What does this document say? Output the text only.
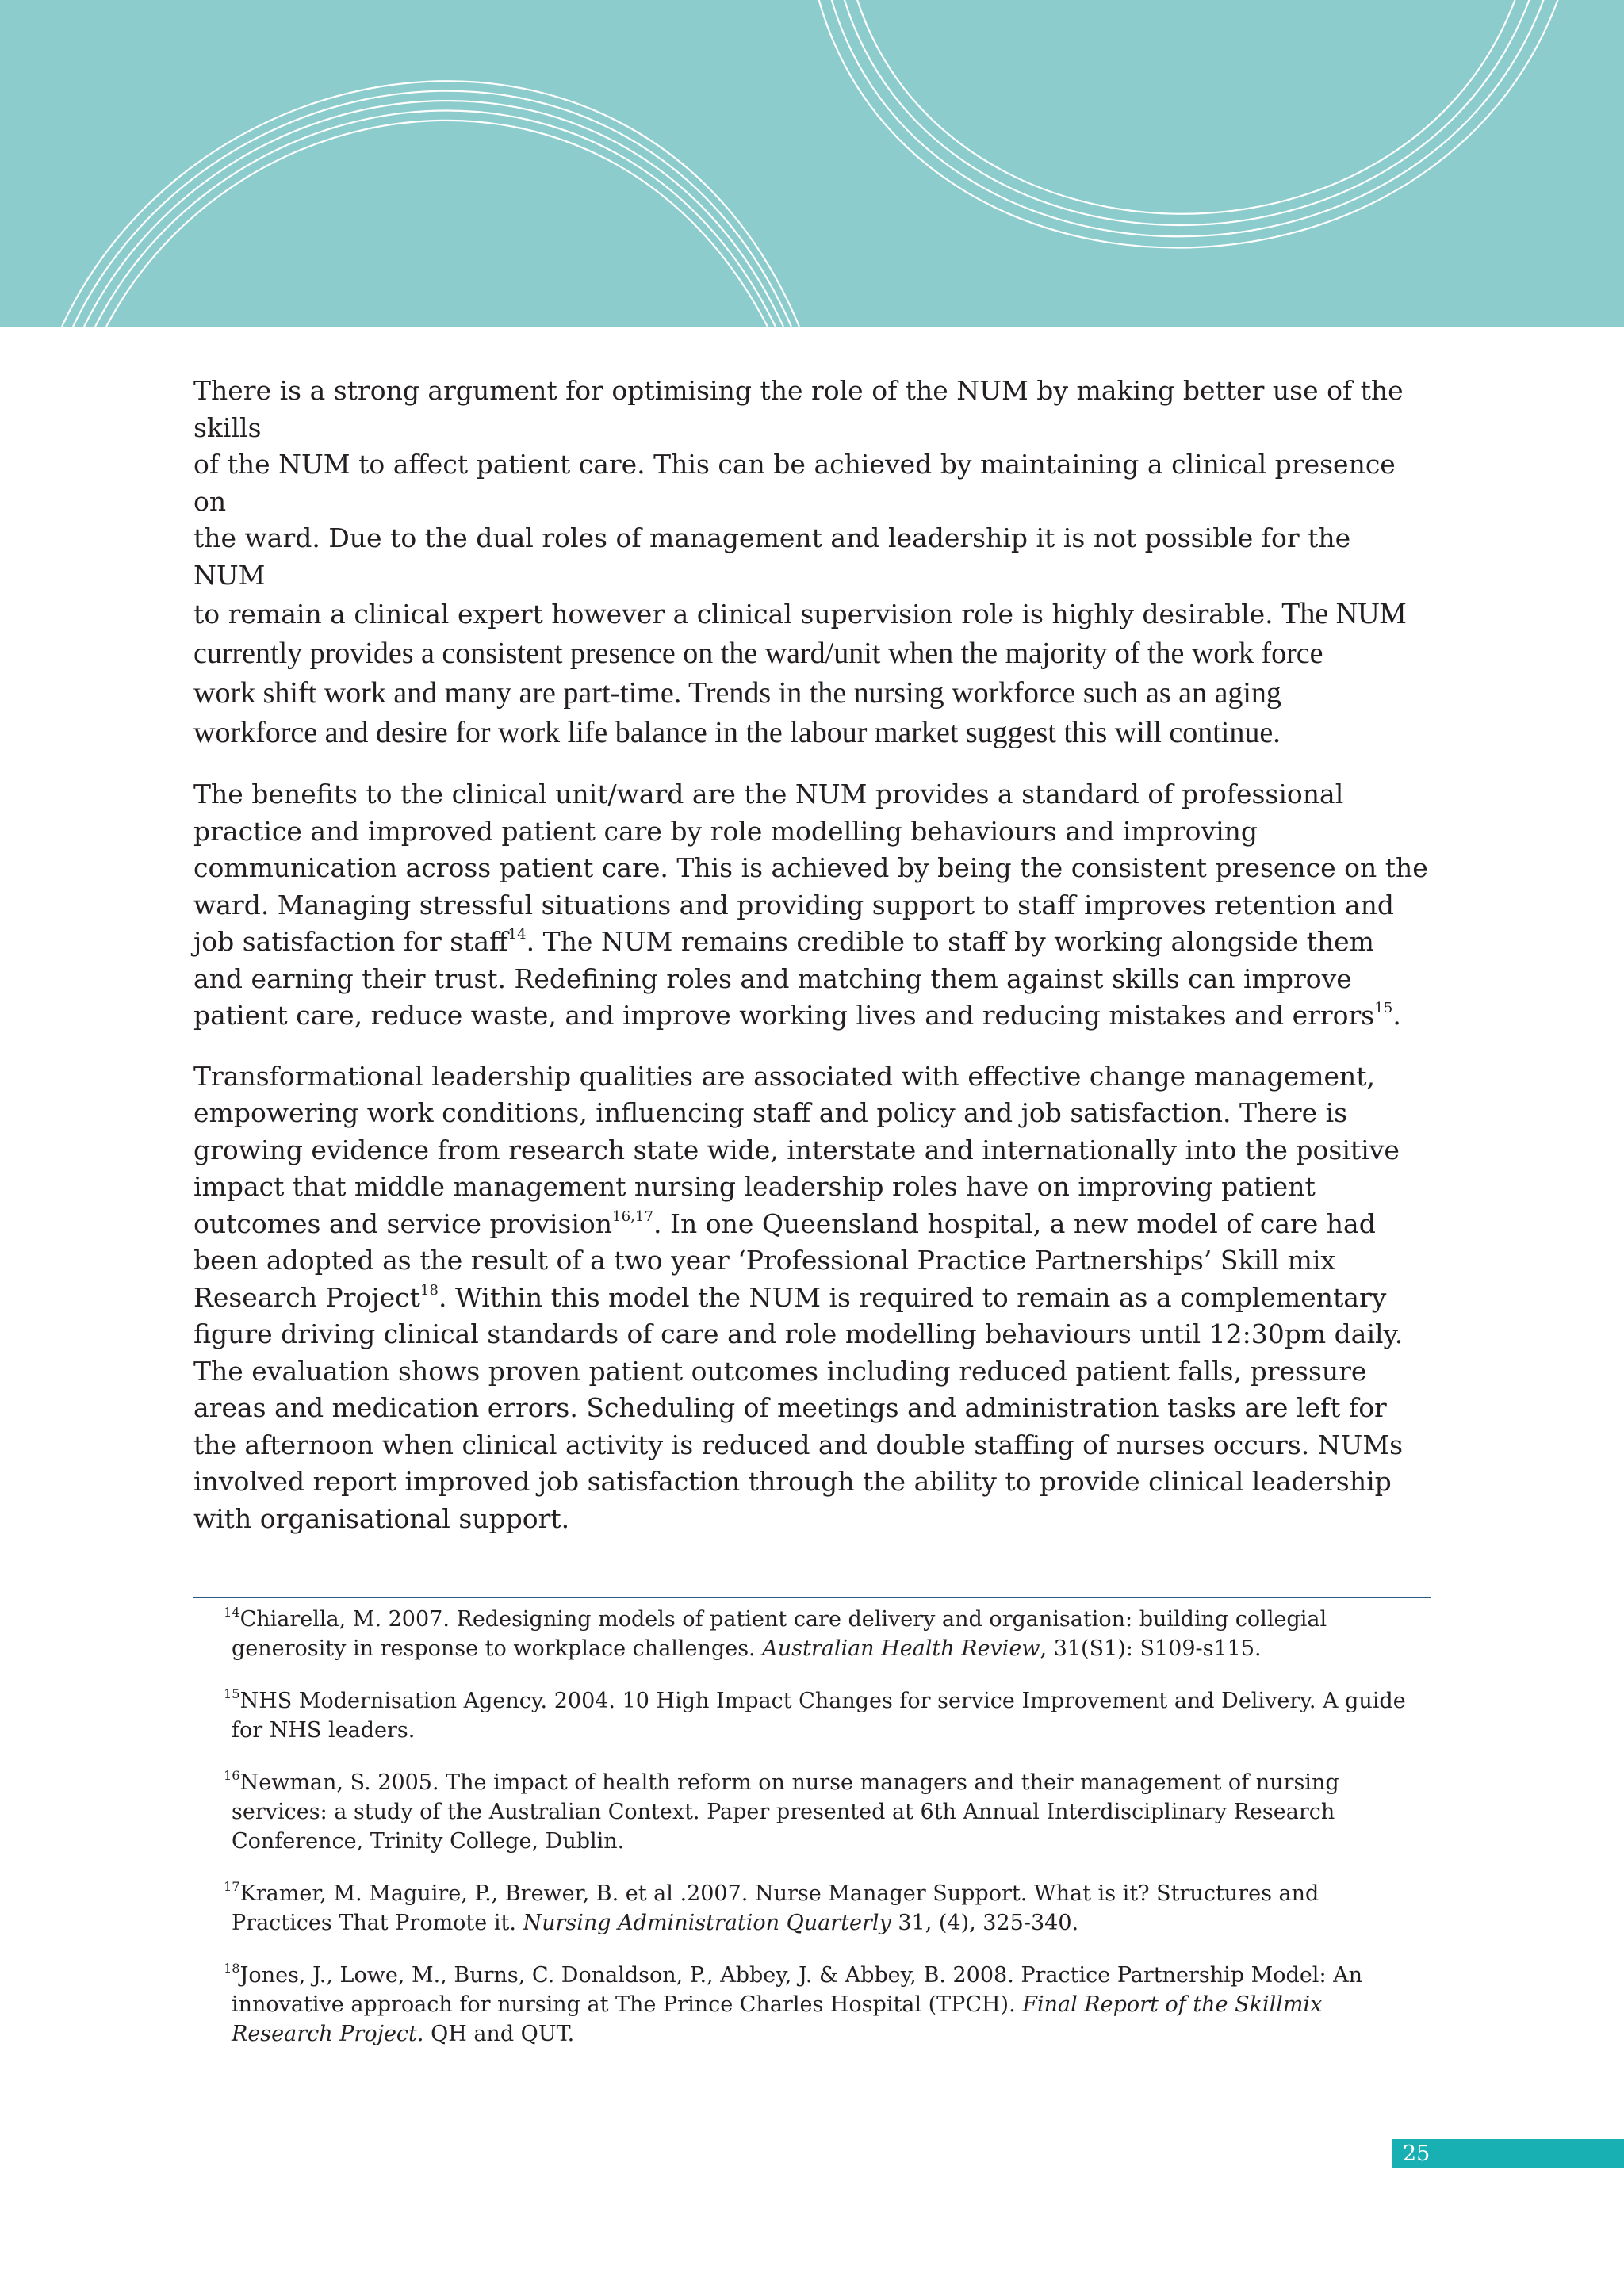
There is a strong argument for optimising the role of the NUM by making better use of the skills
of the NUM to affect patient care. This can be achieved by maintaining a clinical presence on
the ward. Due to the dual roles of management and leadership it is not possible for the NUM
to remain a clinical expert however a clinical supervision role is highly desirable. The NUM
currently provides a consistent presence on the ward/unit when the majority of the work force
work shift work and many are part-time. Trends in the nursing workforce such as an aging
workforce and desire for work life balance in the labour market suggest this will continue.

The benefits to the clinical unit/ward are the NUM provides a standard of professional practice and improved patient care by role modelling behaviours and improving communication across patient care. This is achieved by being the consistent presence on the ward. Managing stressful situations and providing support to staff improves retention and job satisfaction for staff$^{14}$. The NUM remains credible to staff by working alongside them and earning their trust. Redefining roles and matching them against skills can improve patient care, reduce waste, and improve working lives and reducing mistakes and errors$^{15}$.

Transformational leadership qualities are associated with effective change management, empowering work conditions, influencing staff and policy and job satisfaction. There is growing evidence from research state wide, interstate and internationally into the positive impact that middle management nursing leadership roles have on improving patient outcomes and service provision$^{16,17}$. In one Queensland hospital, a new model of care had been adopted as the result of a two year ‘Professional Practice Partnerships’ Skill mix Research Project$^{18}$. Within this model the NUM is required to remain as a complementary figure driving clinical standards of care and role modelling behaviours until 12:30pm daily. The evaluation shows proven patient outcomes including reduced patient falls, pressure areas and medication errors. Scheduling of meetings and administration tasks are left for the afternoon when clinical activity is reduced and double staffing of nurses occurs. NUMs involved report improved job satisfaction through the ability to provide clinical leadership with organisational support.

$^{14}$Chiarella, M. 2007. Redesigning models of patient care delivery and organisation: building collegial generosity in response to workplace challenges. Australian Health Review, 31(S1): S109-s115.

$^{15}$NHS Modernisation Agency. 2004. 10 High Impact Changes for service Improvement and Delivery. A guide for NHS leaders.

$^{16}$Newman, S. 2005. The impact of health reform on nurse managers and their management of nursing services: a study of the Australian Context. Paper presented at 6th Annual Interdisciplinary Research Conference, Trinity College, Dublin.

$^{17}$Kramer, M. Maguire, P., Brewer, B. et al .2007. Nurse Manager Support. What is it? Structures and Practices That Promote it. Nursing Administration Quarterly 31, (4), 325-340.

$^{18}$Jones, J., Lowe, M., Burns, C. Donaldson, P., Abbey, J. & Abbey, B. 2008. Practice Partnership Model: An innovative approach for nursing at The Prince Charles Hospital (TPCH). Final Report of the Skillmix Research Project. QH and QUT.

25
